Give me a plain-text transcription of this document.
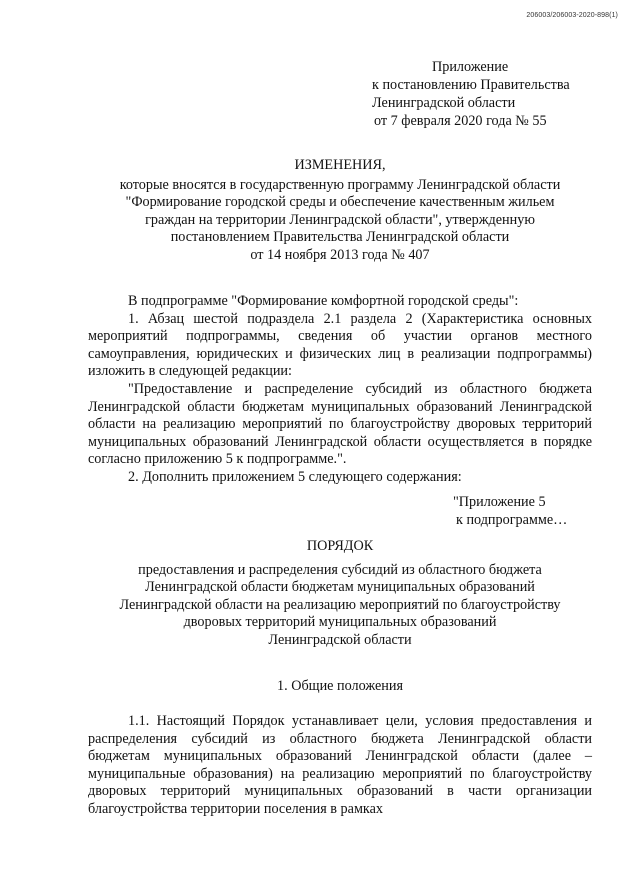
206003/206003-2020-898(1)
Приложение
к постановлению Правительства
Ленинградской области
от 7 февраля 2020 года № 55
ИЗМЕНЕНИЯ,
которые вносятся в государственную программу Ленинградской области
"Формирование городской среды и обеспечение качественным жильем
граждан на территории Ленинградской области", утвержденную
постановлением Правительства Ленинградской области
от 14 ноября 2013 года № 407

В подпрограмме "Формирование комфортной городской среды":

1. Абзац шестой подраздела 2.1 раздела 2 (Характеристика основных мероприятий подпрограммы, сведения об участии органов местного самоуправления, юридических и физических лиц в реализации подпрограммы) изложить в следующей редакции:

"Предоставление и распределение субсидий из областного бюджета Ленинградской области бюджетам муниципальных образований Ленинградской области на реализацию мероприятий по благоустройству дворовых территорий муниципальных образований Ленинградской области осуществляется в порядке согласно приложению 5 к подпрограмме.".

2. Дополнить приложением 5 следующего содержания:

"Приложение 5
к подпрограмме…
ПОРЯДОК
предоставления и распределения субсидий из областного бюджета
Ленинградской области бюджетам муниципальных образований
Ленинградской области на реализацию мероприятий по благоустройству
дворовых территорий муниципальных образований
Ленинградской области
1. Общие положения

1.1. Настоящий Порядок устанавливает цели, условия предоставления и распределения субсидий из областного бюджета Ленинградской области бюджетам муниципальных образований Ленинградской области (далее – муниципальные образования) на реализацию мероприятий по благоустройству дворовых территорий муниципальных образований в части организации благоустройства территории поселения в рамках
